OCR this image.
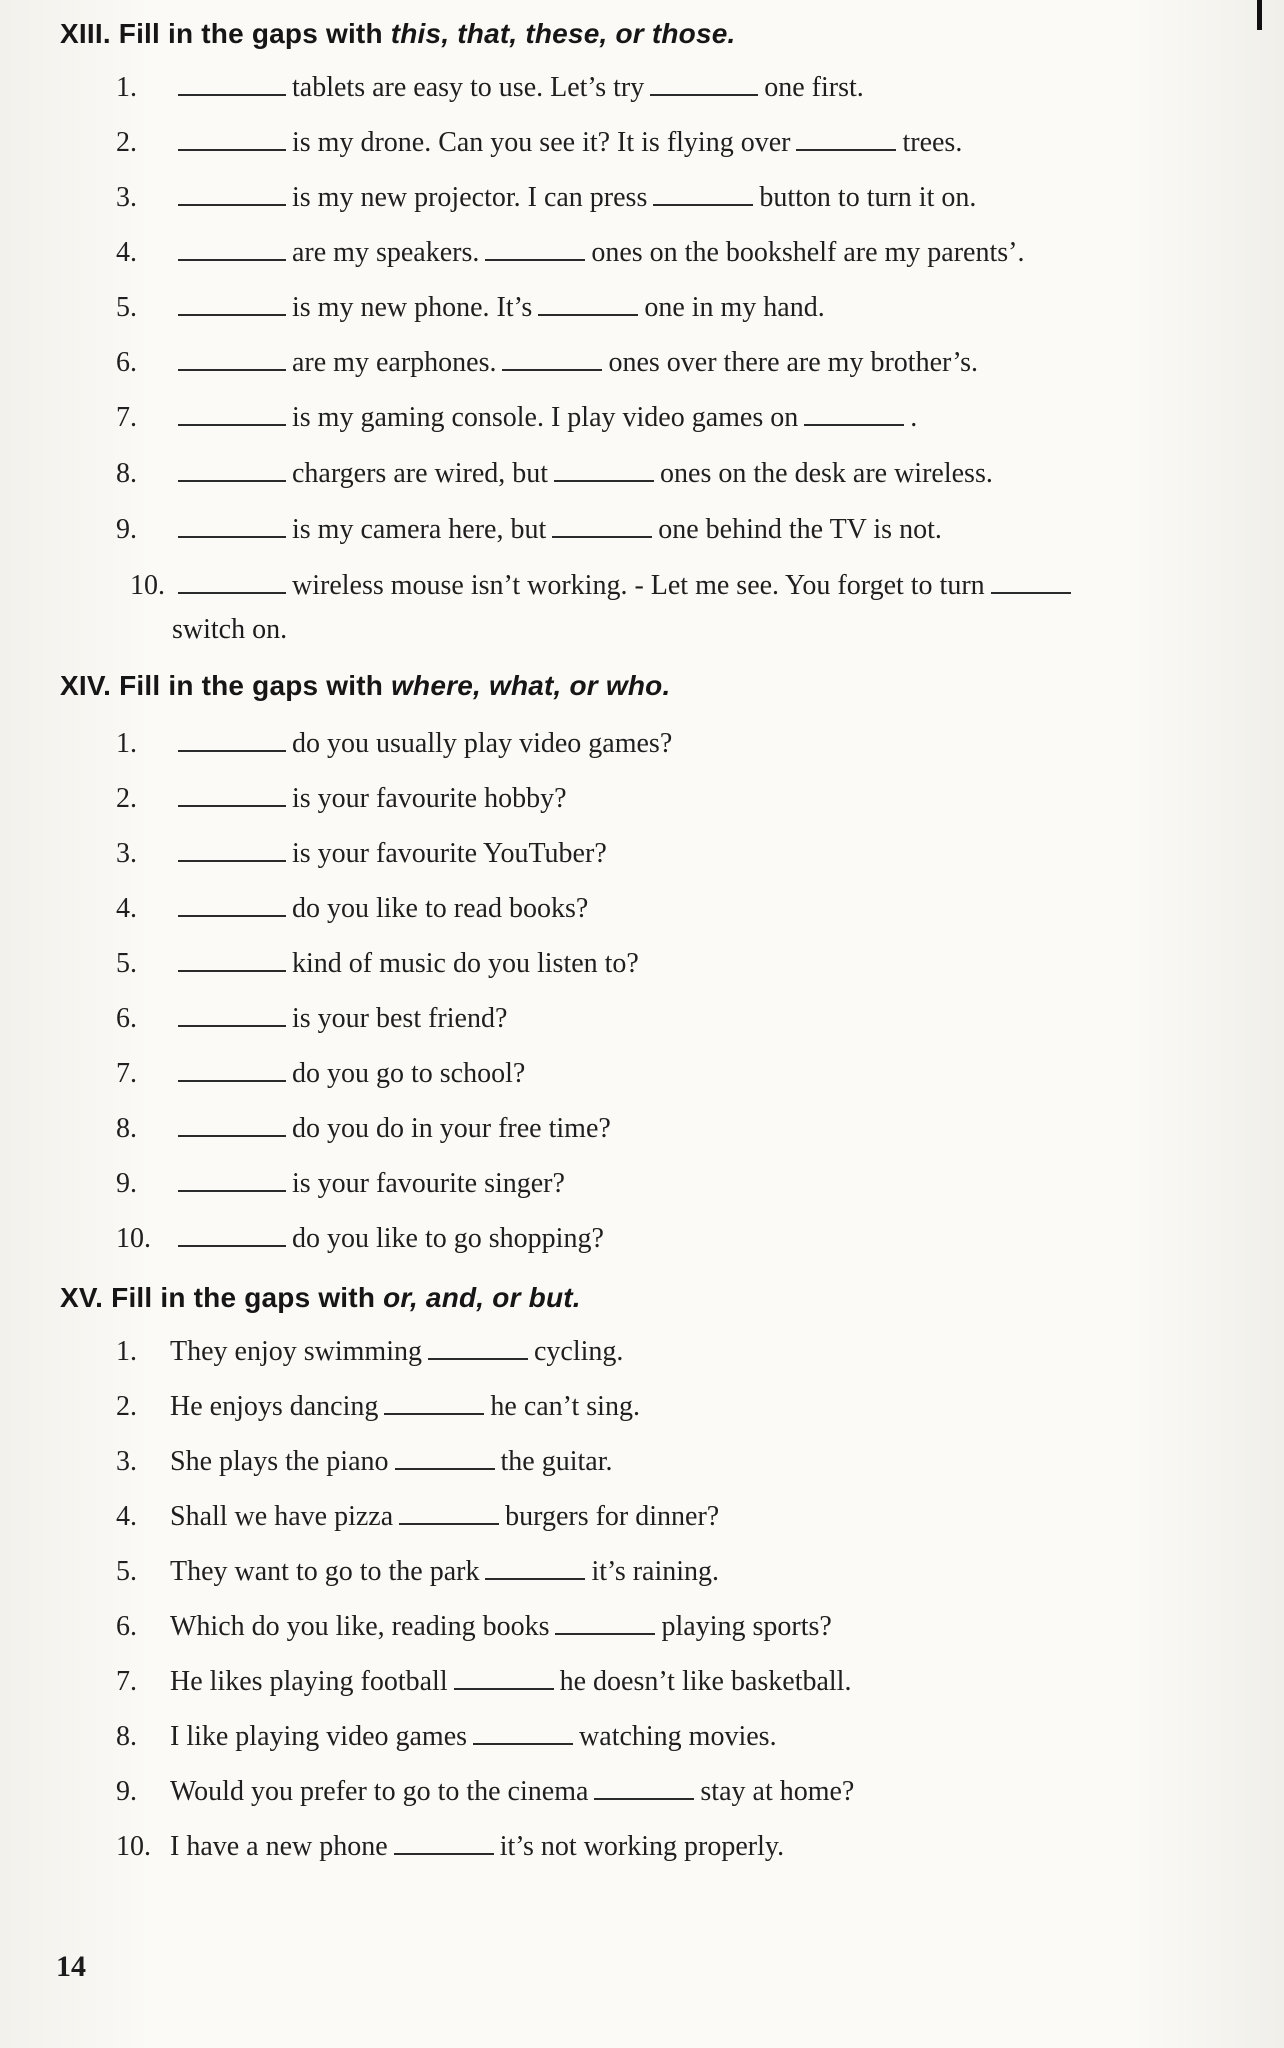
XIII. Fill in the gaps with this, that, these, or those.
1.	tablets are easy to use. Let’s try	one first.
2.	is my drone. Can you see it? It is flying over	trees.
3.	is my new projector. I can press	button to turn it on.
4.	are my speakers.	ones on the bookshelf are my parents’.
5.	is my new phone. It’s	one in my hand.
6.	are my earphones.	ones over there are my brother’s.
7.	is my gaming console. I play video games on	.
8.	chargers are wired, but	ones on the desk are wireless.
9.	is my camera here, but	one behind the TV is not.
10.	wireless mouse isn’t working. - Let me see. You forget to turn
switch on.
XIV. Fill in the gaps with where, what, or who.
1.	do you usually play video games?
2.	is your favourite hobby?
3.	is your favourite YouTuber?
4.	do you like to read books?
5.	kind of music do you listen to?
6.	is your best friend?
7.	do you go to school?
8.	do you do in your free time?
9.	is your favourite singer?
10.	do you like to go shopping?
XV. Fill in the gaps with or, and, or but.
1. They enjoy swimming	cycling.
2. He enjoys dancing	he can’t sing.
3. She plays the piano	the guitar.
4. Shall we have pizza	burgers for dinner?
5. They want to go to the park	it’s raining.
6. Which do you like, reading books	playing sports?
7. He likes playing football	he doesn’t like basketball.
8. I like playing video games	watching movies.
9. Would you prefer to go to the cinema	stay at home?
10. I have a new phone	it’s not working properly.
14
